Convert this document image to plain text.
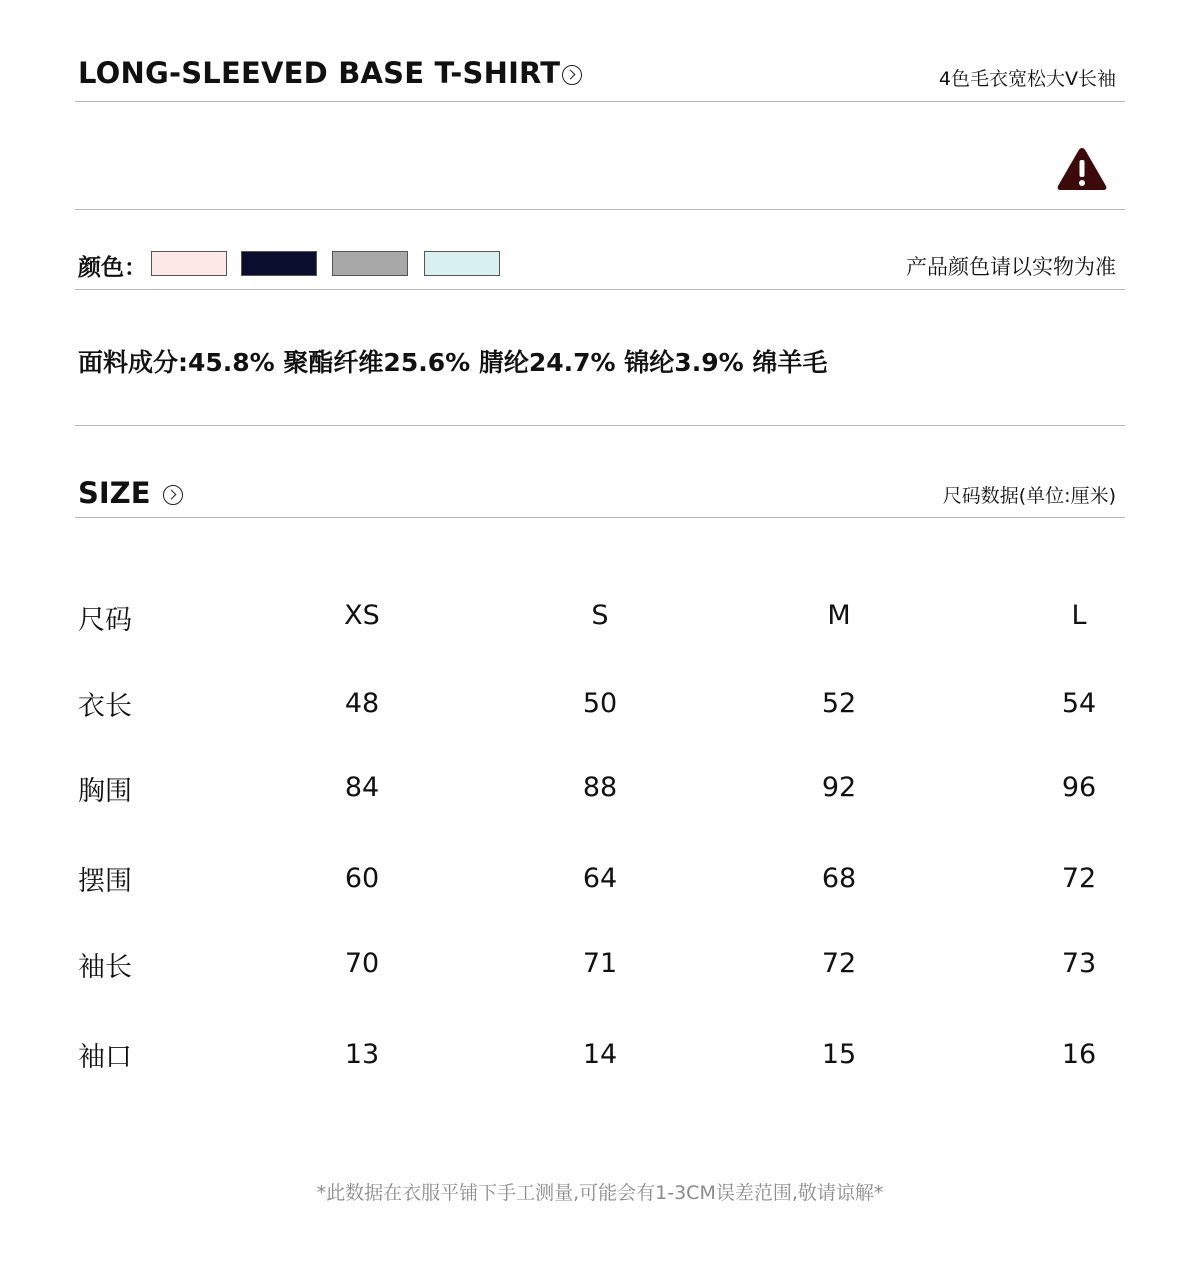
LONG-SLEEVED BASE T-SHIRT	4色毛衣宽松大V长袖
颜色：	产品颜色请以实物为准
面料成分:45.8% 聚酯纤维25.6% 腈纶24.7% 锦纶3.9% 绵羊毛
SIZE	尺码数据(单位:厘米)
尺码	XS	S	M	L
衣长	48	50	52	54
胸围	84	88	92	96
摆围	60	64	68	72
袖长	70	71	72	73
袖口	13	14	15	16
*此数据在衣服平铺下手工测量,可能会有1-3CM误差范围,敬请谅解*
